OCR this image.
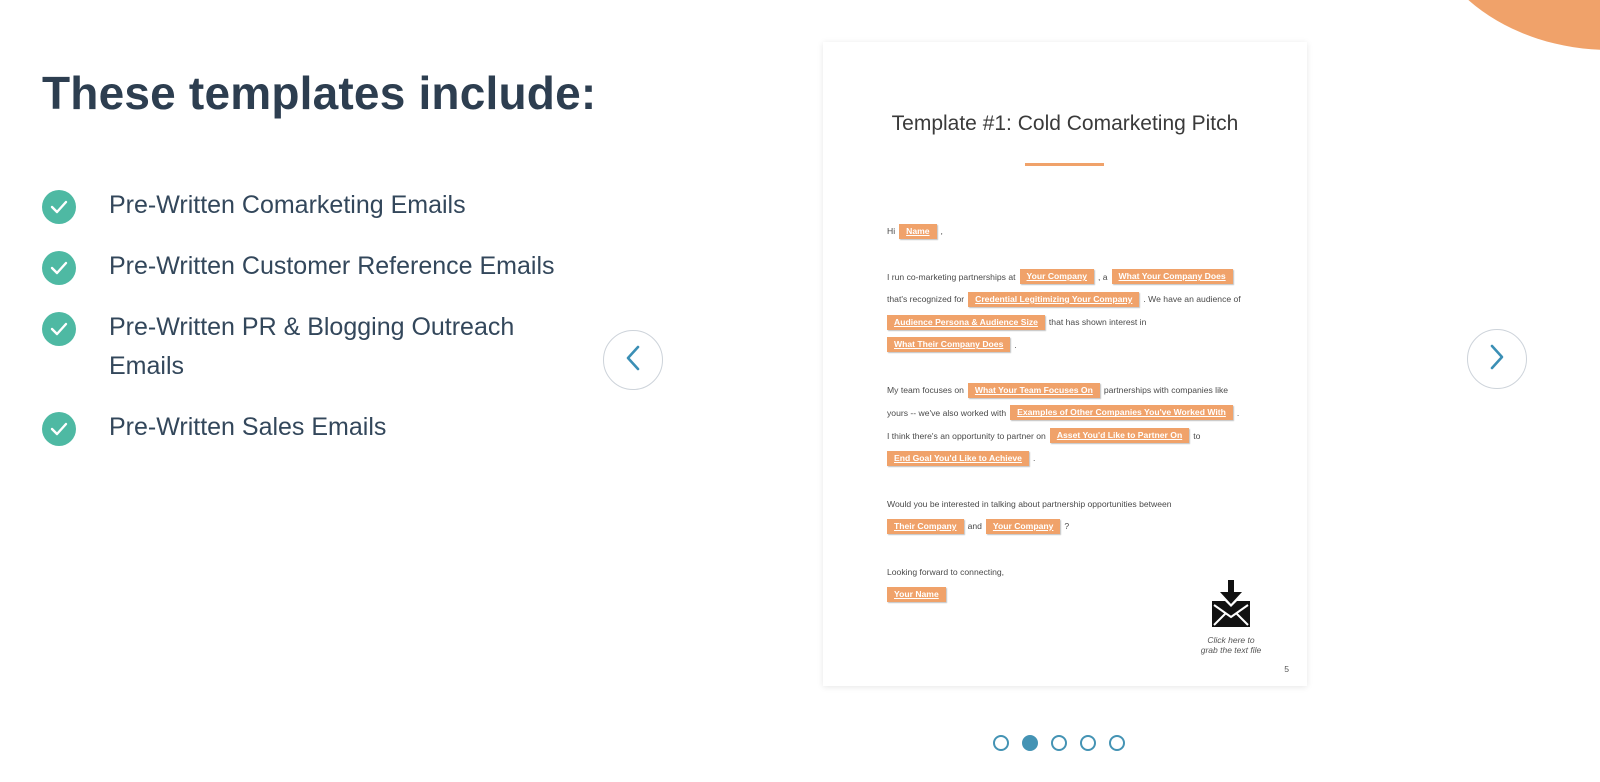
These templates include:
Pre-Written Comarketing Emails
Pre-Written Customer Reference Emails
Pre-Written PR & Blogging Outreach Emails
Pre-Written Sales Emails
Template #1: Cold Comarketing Pitch
Hi	Name	,
I run co-marketing partnerships at	Your Company	, a	What Your Company Does
that's recognized for	Credential Legitimizing Your Company	. We have an audience of
Audience Persona & Audience Size	that has shown interest in
What Their Company Does	.
My team focuses on	What Your Team Focuses On	partnerships with companies like
yours -- we've also worked with	Examples of Other Companies You've Worked With	.
I think there's an opportunity to partner on	Asset You'd Like to Partner On	to
End Goal You'd Like to Achieve	.
Would you be interested in talking about partnership opportunities between
Their Company	and	Your Company	?
Looking forward to connecting,
Your Name
Click here to
grab the text file
5
